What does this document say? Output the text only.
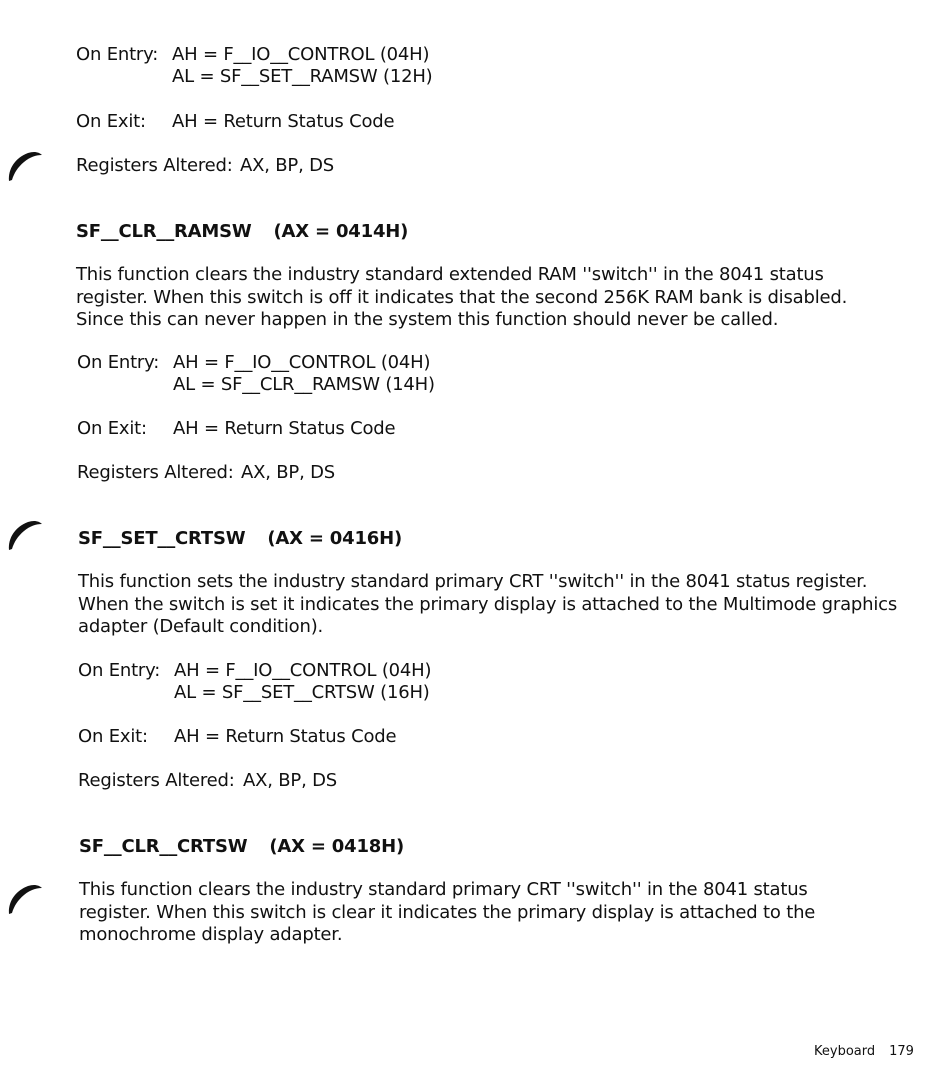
On Entry: AH = F__IO__CONTROL (04H)
AL = SF__SET__RAMSW (12H)
On Exit: AH = Return Status Code
Registers Altered: AX, BP, DS
SF__CLR__RAMSW (AX = 0414H)
This function clears the industry standard extended RAM ''switch'' in the 8041 status register. When this switch is off it indicates that the second 256K RAM bank is disabled. Since this can never happen in the system this function should never be called.
On Entry: AH = F__IO__CONTROL (04H)
AL = SF__CLR__RAMSW (14H)
On Exit: AH = Return Status Code
Registers Altered: AX, BP, DS
SF__SET__CRTSW (AX = 0416H)
This function sets the industry standard primary CRT ''switch'' in the 8041 status register. When the switch is set it indicates the primary display is attached to the Multimode graphics adapter (Default condition).
On Entry: AH = F__IO__CONTROL (04H)
AL = SF__SET__CRTSW (16H)
On Exit: AH = Return Status Code
Registers Altered: AX, BP, DS
SF__CLR__CRTSW (AX = 0418H)
This function clears the industry standard primary CRT ''switch'' in the 8041 status register. When this switch is clear it indicates the primary display is attached to the monochrome display adapter.
Keyboard 179
